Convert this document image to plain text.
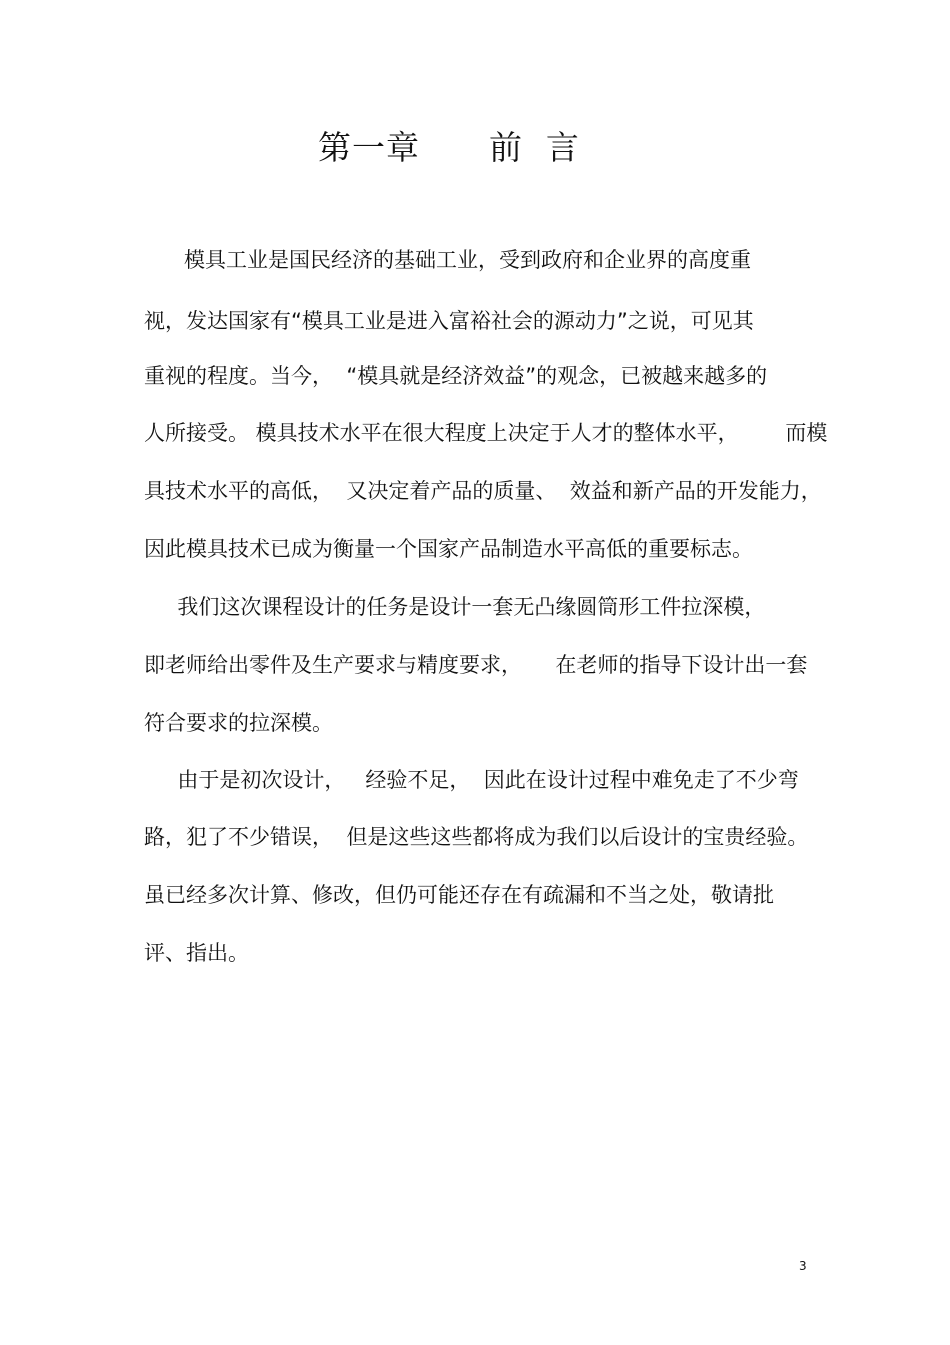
第一章      前  言
模具工业是国民经济的基础工业，受到政府和企业界的高度重
视，发达国家有“模具工业是进入富裕社会的源动力”之说，可见其
重视的程度。当今，  “模具就是经济效益”的观念，已被越来越多的
人所接受。 模具技术水平在很大程度上决定于人才的整体水平，       而模
具技术水平的高低，  又决定着产品的质量、  效益和新产品的开发能力，
因此模具技术已成为衡量一个国家产品制造水平高低的重要标志。
我们这次课程设计的任务是设计一套无凸缘圆筒形工件拉深模，
即老师给出零件及生产要求与精度要求，     在老师的指导下设计出一套
符合要求的拉深模。
由于是初次设计，   经验不足，  因此在设计过程中难免走了不少弯
路，犯了不少错误，  但是这些这些都将成为我们以后设计的宝贵经验。
虽已经多次计算、修改，但仍可能还存在有疏漏和不当之处，敬请批
评、指出。
3
